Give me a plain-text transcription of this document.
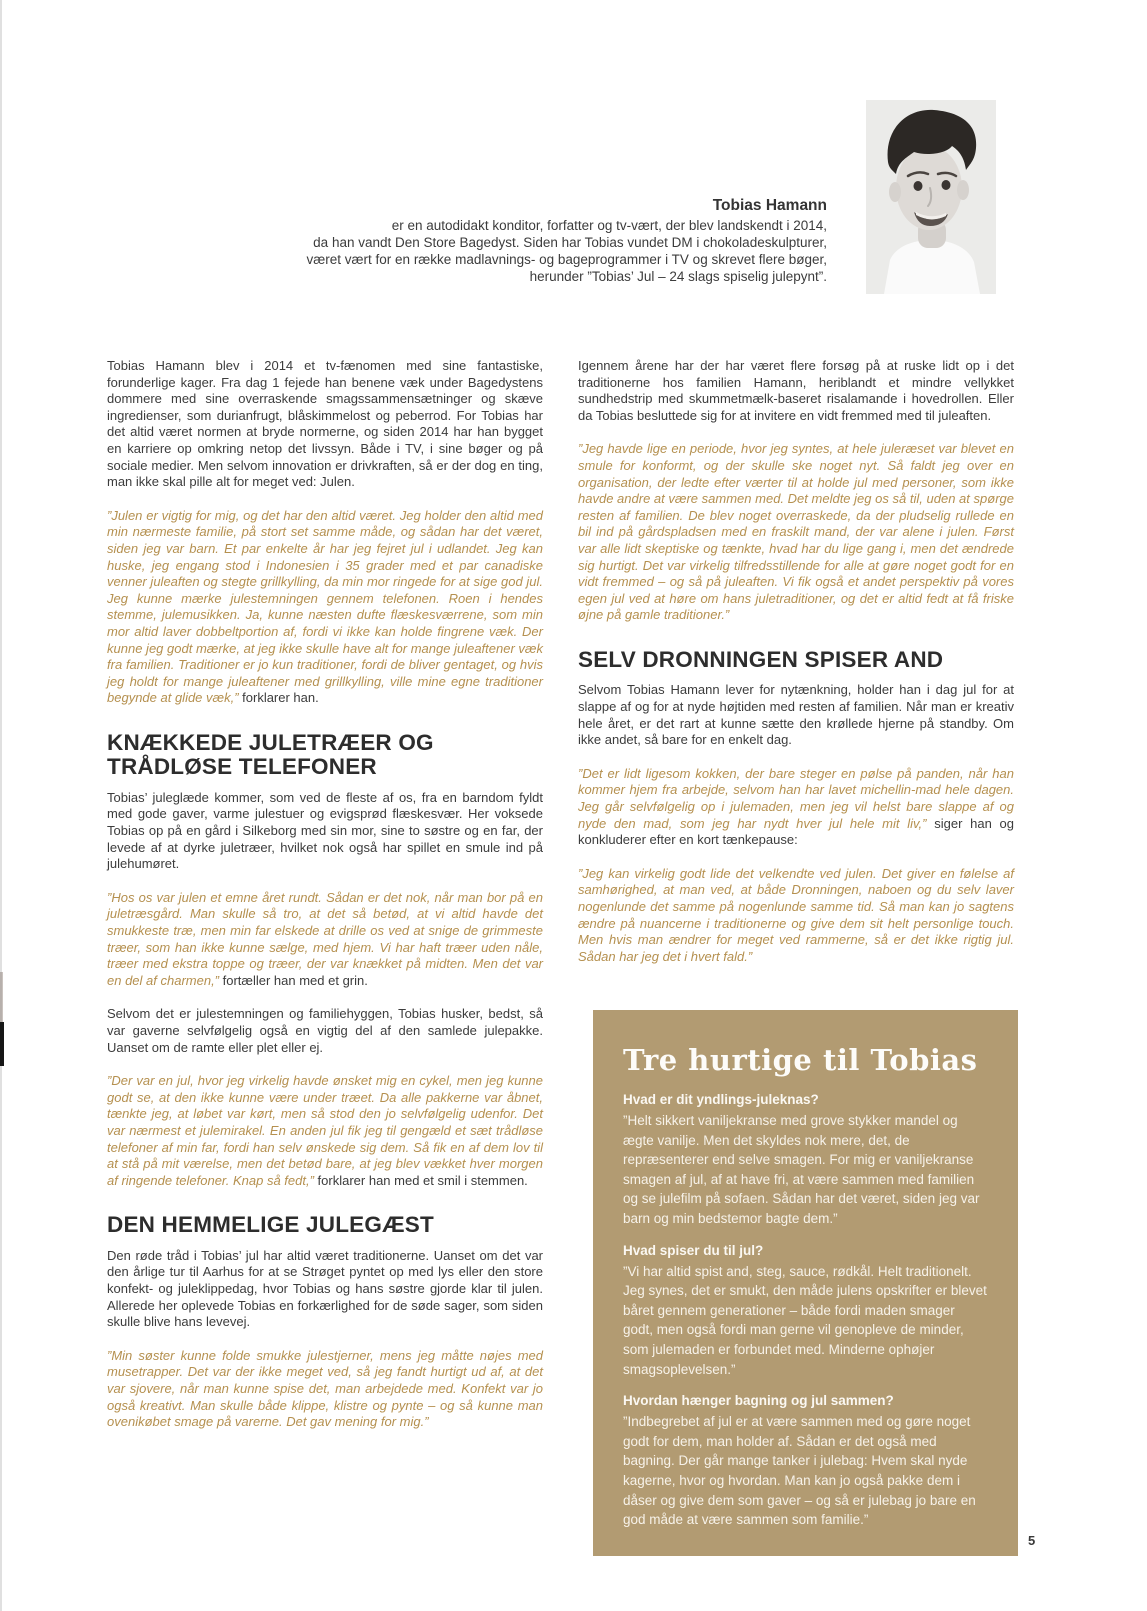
Tobias Hamann
er en autodidakt konditor, forfatter og tv-vært, der blev landskendt i 2014,
da han vandt Den Store Bagedyst. Siden har Tobias vundet DM i chokoladeskulpturer,
været vært for en række madlavnings- og bageprogrammer i TV og skrevet flere bøger,
herunder ”Tobias’ Jul – 24 slags spiselig julepynt”.

Tobias Hamann blev i 2014 et tv-fænomen med sine fantastiske, forunderlige kager. Fra dag 1 fejede han benene væk under Bagedystens dommere med sine overraskende smagssammensætninger og skæve ingredienser, som durianfrugt, blåskimmelost og peberrod. For Tobias har det altid været normen at bryde normerne, og siden 2014 har han bygget en karriere op omkring netop det livssyn. Både i TV, i sine bøger og på sociale medier. Men selvom innovation er drivkraften, så er der dog en ting, man ikke skal pille alt for meget ved: Julen.

”Julen er vigtig for mig, og det har den altid været. Jeg holder den altid med min nærmeste familie, på stort set samme måde, og sådan har det været, siden jeg var barn. Et par enkelte år har jeg fejret jul i udlandet. Jeg kan huske, jeg engang stod i Indonesien i 35 grader med et par canadiske venner juleaften og stegte grillkylling, da min mor ringede for at sige god jul. Jeg kunne mærke julestemningen gennem telefonen. Roen i hendes stemme, julemusikken. Ja, kunne næsten dufte flæskesværrene, som min mor altid laver dobbeltportion af, fordi vi ikke kan holde fingrene væk. Der kunne jeg godt mærke, at jeg ikke skulle have alt for mange juleaftener væk fra familien. Traditioner er jo kun traditioner, fordi de bliver gentaget, og hvis jeg holdt for mange juleaftener med grillkylling, ville mine egne traditioner begynde at glide væk,” forklarer han.

KNÆKKEDE JULETRÆER OG TRÅDLØSE TELEFONER

Tobias’ juleglæde kommer, som ved de fleste af os, fra en barndom fyldt med gode gaver, varme julestuer og evigsprød flæskesvær. Her voksede Tobias op på en gård i Silkeborg med sin mor, sine to søstre og en far, der levede af at dyrke juletræer, hvilket nok også har spillet en smule ind på julehumøret.

”Hos os var julen et emne året rundt. Sådan er det nok, når man bor på en juletræsgård. Man skulle så tro, at det så betød, at vi altid havde det smukkeste træ, men min far elskede at drille os ved at snige de grimmeste træer, som han ikke kunne sælge, med hjem. Vi har haft træer uden nåle, træer med ekstra toppe og træer, der var knækket på midten. Men det var en del af charmen,” fortæller han med et grin.

Selvom det er julestemningen og familiehyggen, Tobias husker, bedst, så var gaverne selvfølgelig også en vigtig del af den samlede julepakke. Uanset om de ramte eller plet eller ej.

”Der var en jul, hvor jeg virkelig havde ønsket mig en cykel, men jeg kunne godt se, at den ikke kunne være under træet. Da alle pakkerne var åbnet, tænkte jeg, at løbet var kørt, men så stod den jo selvfølgelig udenfor. Det var nærmest et julemirakel. En anden jul fik jeg til gengæld et sæt trådløse telefoner af min far, fordi han selv ønskede sig dem. Så fik en af dem lov til at stå på mit værelse, men det betød bare, at jeg blev vækket hver morgen af ringende telefoner. Knap så fedt,” forklarer han med et smil i stemmen.

DEN HEMMELIGE JULEGÆST

Den røde tråd i Tobias’ jul har altid været traditionerne. Uanset om det var den årlige tur til Aarhus for at se Strøget pyntet op med lys eller den store konfekt- og juleklippedag, hvor Tobias og hans søstre gjorde klar til julen. Allerede her oplevede Tobias en forkærlighed for de søde sager, som siden skulle blive hans levevej.

”Min søster kunne folde smukke julestjerner, mens jeg måtte nøjes med musetrapper. Det var der ikke meget ved, så jeg fandt hurtigt ud af, at det var sjovere, når man kunne spise det, man arbejdede med. Konfekt var jo også kreativt. Man skulle både klippe, klistre og pynte – og så kunne man ovenikøbet smage på varerne. Det gav mening for mig.”

Igennem årene har der har været flere forsøg på at ruske lidt op i det traditionerne hos familien Hamann, heriblandt et mindre vellykket sundhedstrip med skummetmælk-baseret risalamande i hovedrollen. Eller da Tobias besluttede sig for at invitere en vidt fremmed med til juleaften.

”Jeg havde lige en periode, hvor jeg syntes, at hele juleræset var blevet en smule for konformt, og der skulle ske noget nyt. Så faldt jeg over en organisation, der ledte efter værter til at holde jul med personer, som ikke havde andre at være sammen med. Det meldte jeg os så til, uden at spørge resten af familien. De blev noget overraskede, da der pludselig rullede en bil ind på gårdspladsen med en fraskilt mand, der var alene i julen. Først var alle lidt skeptiske og tænkte, hvad har du lige gang i, men det ændrede sig hurtigt. Det var virkelig tilfredsstillende for alle at gøre noget godt for en vidt fremmed – og så på juleaften. Vi fik også et andet perspektiv på vores egen jul ved at høre om hans juletraditioner, og det er altid fedt at få friske øjne på gamle traditioner.”

SELV DRONNINGEN SPISER AND

Selvom Tobias Hamann lever for nytænkning, holder han i dag jul for at slappe af og for at nyde højtiden med resten af familien. Når man er kreativ hele året, er det rart at kunne sætte den krøllede hjerne på standby. Om ikke andet, så bare for en enkelt dag.

”Det er lidt ligesom kokken, der bare steger en pølse på panden, når han kommer hjem fra arbejde, selvom han har lavet michellin-mad hele dagen. Jeg går selvfølgelig op i julemaden, men jeg vil helst bare slappe af og nyde den mad, som jeg har nydt hver jul hele mit liv,” siger han og konkluderer efter en kort tænkepause:

”Jeg kan virkelig godt lide det velkendte ved julen. Det giver en følelse af samhørighed, at man ved, at både Dronningen, naboen og du selv laver nogenlunde det samme på nogenlunde samme tid. Så man kan jo sagtens ændre på nuancerne i traditionerne og give dem sit helt personlige touch. Men hvis man ændrer for meget ved rammerne, så er det ikke rigtig jul. Sådan har jeg det i hvert fald.”

Tre hurtige til Tobias
Hvad er dit yndlings-juleknas?

”Helt sikkert vaniljekranse med grove stykker mandel og ægte vanilje. Men det skyldes nok mere, det, de repræsenterer end selve smagen. For mig er vaniljekranse smagen af jul, af at have fri, at være sammen med familien og se julefilm på sofaen. Sådan har det været, siden jeg var barn og min bedstemor bagte dem.”

Hvad spiser du til jul?

”Vi har altid spist and, steg, sauce, rødkål. Helt traditionelt. Jeg synes, det er smukt, den måde julens opskrifter er blevet båret gennem generationer – både fordi maden smager godt, men også fordi man gerne vil genopleve de minder, som julemaden er forbundet med. Minderne ophøjer smagsoplevelsen.”

Hvordan hænger bagning og jul sammen?

”Indbegrebet af jul er at være sammen med og gøre noget godt for dem, man holder af. Sådan er det også med bagning. Der går mange tanker i julebag: Hvem skal nyde kagerne, hvor og hvordan. Man kan jo også pakke dem i dåser og give dem som gaver – og så er julebag jo bare en god måde at være sammen som familie.”

5
